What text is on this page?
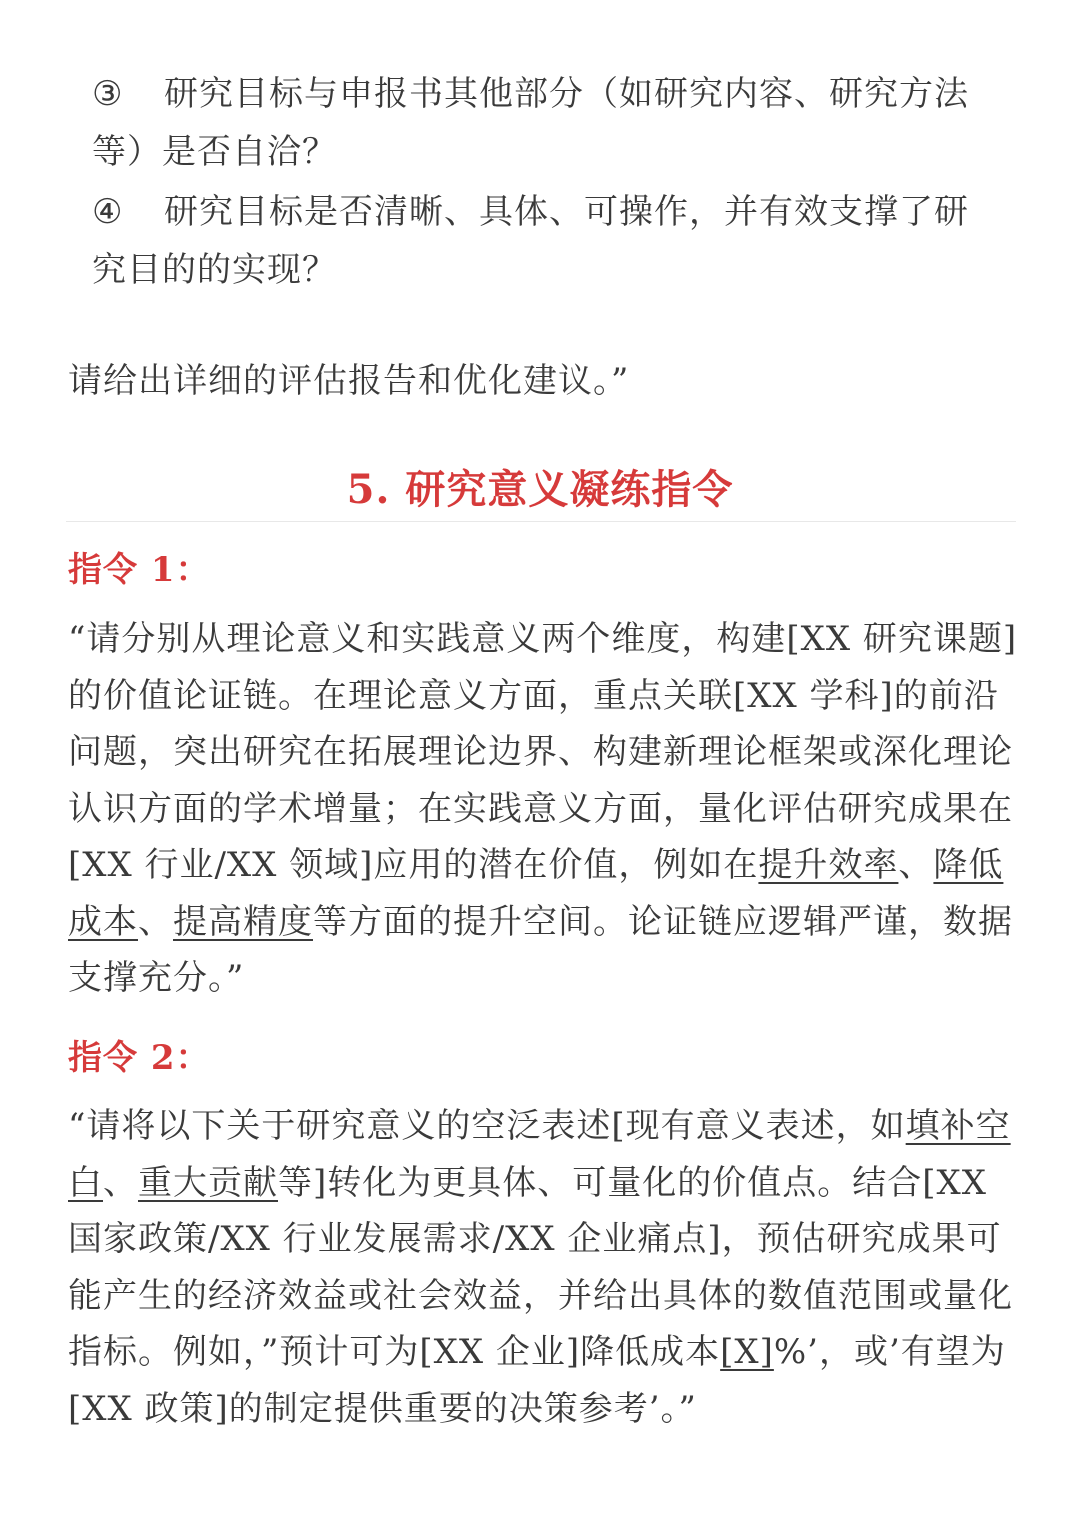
③ 研究目标与申报书其他部分（如研究内容、研究方法
等）是否自洽？
④ 研究目标是否清晰、具体、可操作，并有效支撑了研
究目的的实现？
请给出详细的评估报告和优化建议。”
5. 研究意义凝练指令
指令 1：
“请分别从理论意义和实践意义两个维度，构建[XX 研究课题]的价值论证链。在理论意义方面，重点关联[XX 学科]的前沿问题，突出研究在拓展理论边界、构建新理论框架或深化理论认识方面的学术增量；在实践意义方面，量化评估研究成果在[XX 行业/XX 领域]应用的潜在价值，例如在提升效率、降低成本、提高精度等方面的提升空间。论证链应逻辑严谨，数据支撑充分。”
指令 2：
“请将以下关于研究意义的空泛表述[现有意义表述，如填补空白、重大贡献等]转化为更具体、可量化的价值点。结合[XX 国家政策/XX 行业发展需求/XX 企业痛点]，预估研究成果可能产生的经济效益或社会效益，并给出具体的数值范围或量化指标。例如，”预计可为[XX 企业]降低成本[X]%’，或’有望为[XX 政策]的制定提供重要的决策参考’。”
